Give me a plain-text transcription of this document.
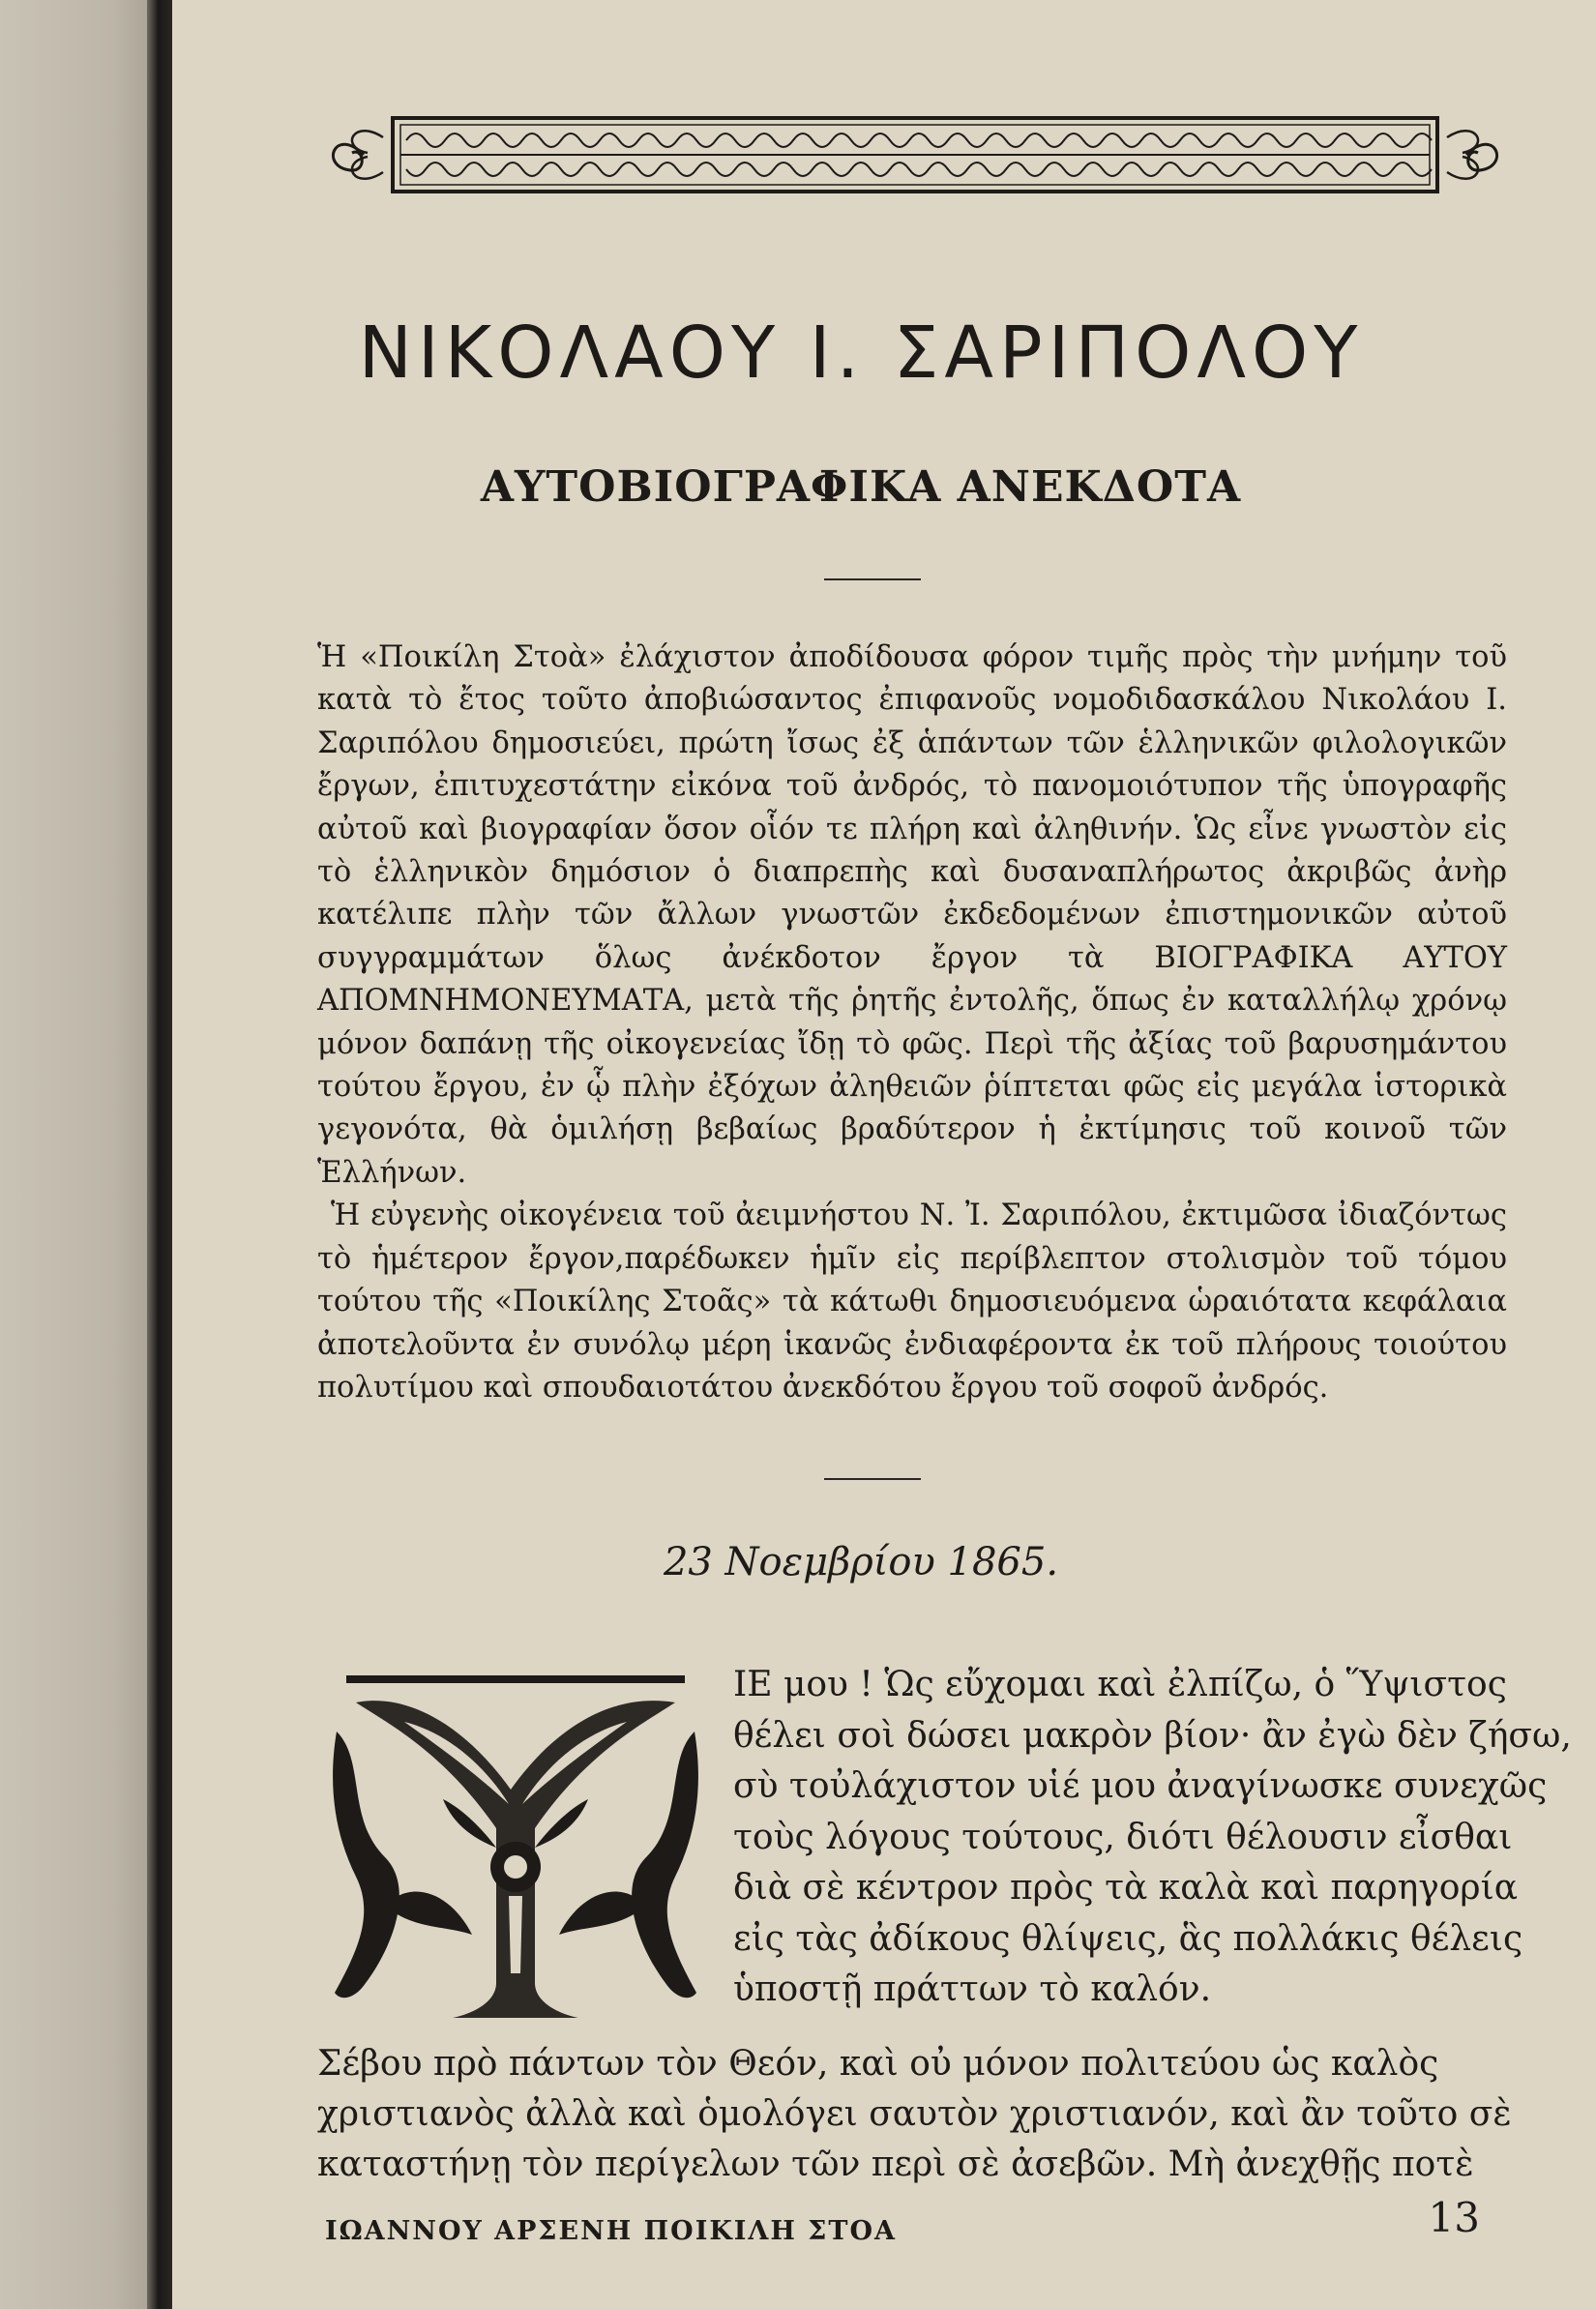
ΝΙΚΟΛΑΟΥ Ι. ΣΑΡΙΠΟΛΟΥ
ΑΥΤΟΒΙΟΓΡΑΦΙΚΑ ΑΝΕΚΔΟΤΑ

Ἡ «Ποικίλη Στοὰ» ἐλάχιστον ἀποδίδουσα φόρον τιμῆς πρὸς τὴν μνήμην τοῦ κατὰ τὸ ἔτος τοῦτο ἀποβιώσαντος ἐπιφανοῦς νομοδιδασκάλου Νικολάου Ι. Σαριπόλου δημοσιεύει, πρώτη ἴσως ἐξ ἁπάντων τῶν ἑλληνικῶν φιλολογικῶν ἔργων, ἐπιτυχεστάτην εἰκόνα τοῦ ἀνδρός, τὸ πανομοιότυπον τῆς ὑπογραφῆς αὐτοῦ καὶ βιογραφίαν ὅσον οἷόν τε πλήρη καὶ ἀληθινήν. Ὡς εἶνε γνωστὸν εἰς τὸ ἑλληνικὸν δημόσιον ὁ διαπρεπὴς καὶ δυσαναπλήρωτος ἀκριβῶς ἀνὴρ κατέλιπε πλὴν τῶν ἄλλων γνωστῶν ἐκδεδομένων ἐπιστημονικῶν αὐτοῦ συγγραμμάτων ὅλως ἀνέκδοτον ἔργον τὰ ΒΙΟΓΡΑΦΙΚΑ ΑΥΤΟΥ ΑΠΟΜΝΗΜΟΝΕΥΜΑΤΑ, μετὰ τῆς ῥητῆς ἐντολῆς, ὅπως ἐν καταλλήλῳ χρόνῳ μόνον δαπάνῃ τῆς οἰκογενείας ἴδῃ τὸ φῶς. Περὶ τῆς ἀξίας τοῦ βαρυσημάντου τούτου ἔργου, ἐν ᾧ πλὴν ἐξόχων ἀληθειῶν ῥίπτεται φῶς εἰς μεγάλα ἱστορικὰ γεγονότα, θὰ ὁμιλήσῃ βεβαίως βραδύτερον ἡ ἐκτίμησις τοῦ κοινοῦ τῶν Ἑλλήνων.

Ἡ εὐγενὴς οἰκογένεια τοῦ ἀειμνήστου Ν. Ἰ. Σαριπόλου, ἐκτιμῶσα ἰδιαζόντως τὸ ἡμέτερον ἔργον,παρέδωκεν ἡμῖν εἰς περίβλεπτον στολισμὸν τοῦ τόμου τούτου τῆς «Ποικίλης Στοᾶς» τὰ κάτωθι δημοσιευόμενα ὡραιότατα κεφάλαια ἀποτελοῦντα ἐν συνόλῳ μέρη ἱκανῶς ἐνδιαφέροντα ἐκ τοῦ πλήρους τοιούτου πολυτίμου καὶ σπουδαιοτάτου ἀνεκδότου ἔργου τοῦ σοφοῦ ἀνδρός.

23 Νοεμβρίου 1865.

ΙΕ μου ! Ὡς εὔχομαι καὶ ἐλπίζω, ὁ Ὕψιστος
θέλει σοὶ δώσει μακρὸν βίον· ἂν ἐγὼ δὲν ζήσω,
σὺ τοὐλάχιστον υἱέ μου ἀναγίνωσκε συνεχῶς
τοὺς λόγους τούτους, διότι θέλουσιν εἶσθαι
διὰ σὲ κέντρον πρὸς τὰ καλὰ καὶ παρηγορία
εἰς τὰς ἀδίκους θλίψεις, ἃς πολλάκις θέλεις
ὑποστῇ πράττων τὸ καλόν.
Σέβου πρὸ πάντων τὸν Θεόν, καὶ οὐ μόνον πολιτεύου ὡς καλὸς
χριστιανὸς ἀλλὰ καὶ ὁμολόγει σαυτὸν χριστιανόν, καὶ ἂν τοῦτο σὲ
καταστήνῃ τὸν περίγελων τῶν περὶ σὲ ἀσεβῶν. Μὴ ἀνεχθῇς ποτὲ

ΙΩΑΝΝΟΥ ΑΡΣΕΝΗ ΠΟΙΚΙΛΗ ΣΤΟΑ	13
